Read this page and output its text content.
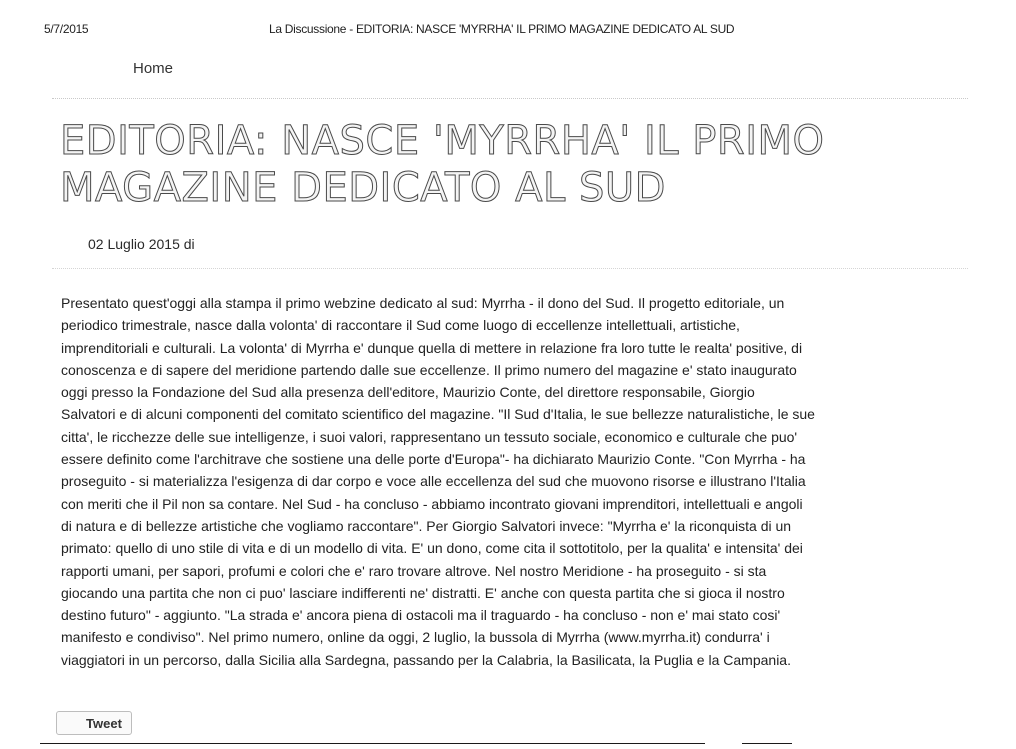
5/7/2015	La Discussione - EDITORIA: NASCE 'MYRRHA' IL PRIMO MAGAZINE DEDICATO AL SUD
Home
EDITORIA: NASCE 'MYRRHA' IL PRIMO MAGAZINE DEDICATO AL SUD
02 Luglio 2015 di

Presentato quest'oggi alla stampa il primo webzine dedicato al sud: Myrrha - il dono del Sud. Il progetto editoriale, un
periodico trimestrale, nasce dalla volonta' di raccontare il Sud come luogo di eccellenze intellettuali, artistiche,
imprenditoriali e culturali. La volonta' di Myrrha e' dunque quella di mettere in relazione fra loro tutte le realta' positive, di
conoscenza e di sapere del meridione partendo dalle sue eccellenze. Il primo numero del magazine e' stato inaugurato
oggi presso la Fondazione del Sud alla presenza dell'editore, Maurizio Conte, del direttore responsabile, Giorgio
Salvatori e di alcuni componenti del comitato scientifico del magazine. "Il Sud d'Italia, le sue bellezze naturalistiche, le sue
citta', le ricchezze delle sue intelligenze, i suoi valori, rappresentano un tessuto sociale, economico e culturale che puo'
essere definito come l'architrave che sostiene una delle porte d'Europa"- ha dichiarato Maurizio Conte. "Con Myrrha - ha
proseguito - si materializza l'esigenza di dar corpo e voce alle eccellenza del sud che muovono risorse e illustrano l'Italia
con meriti che il Pil non sa contare. Nel Sud - ha concluso - abbiamo incontrato giovani imprenditori, intellettuali e angoli
di natura e di bellezze artistiche che vogliamo raccontare". Per Giorgio Salvatori invece: "Myrrha e' la riconquista di un
primato: quello di uno stile di vita e di un modello di vita. E' un dono, come cita il sottotitolo, per la qualita' e intensita' dei
rapporti umani, per sapori, profumi e colori che e' raro trovare altrove. Nel nostro Meridione - ha proseguito - si sta
giocando una partita che non ci puo' lasciare indifferenti ne' distratti. E' anche con questa partita che si gioca il nostro
destino futuro" - aggiunto. "La strada e' ancora piena di ostacoli ma il traguardo - ha concluso - non e' mai stato cosi'
manifesto e condiviso". Nel primo numero, online da oggi, 2 luglio, la bussola di Myrrha (www.myrrha.it) condurra' i
viaggiatori in un percorso, dalla Sicilia alla Sardegna, passando per la Calabria, la Basilicata, la Puglia e la Campania.

Tweet
